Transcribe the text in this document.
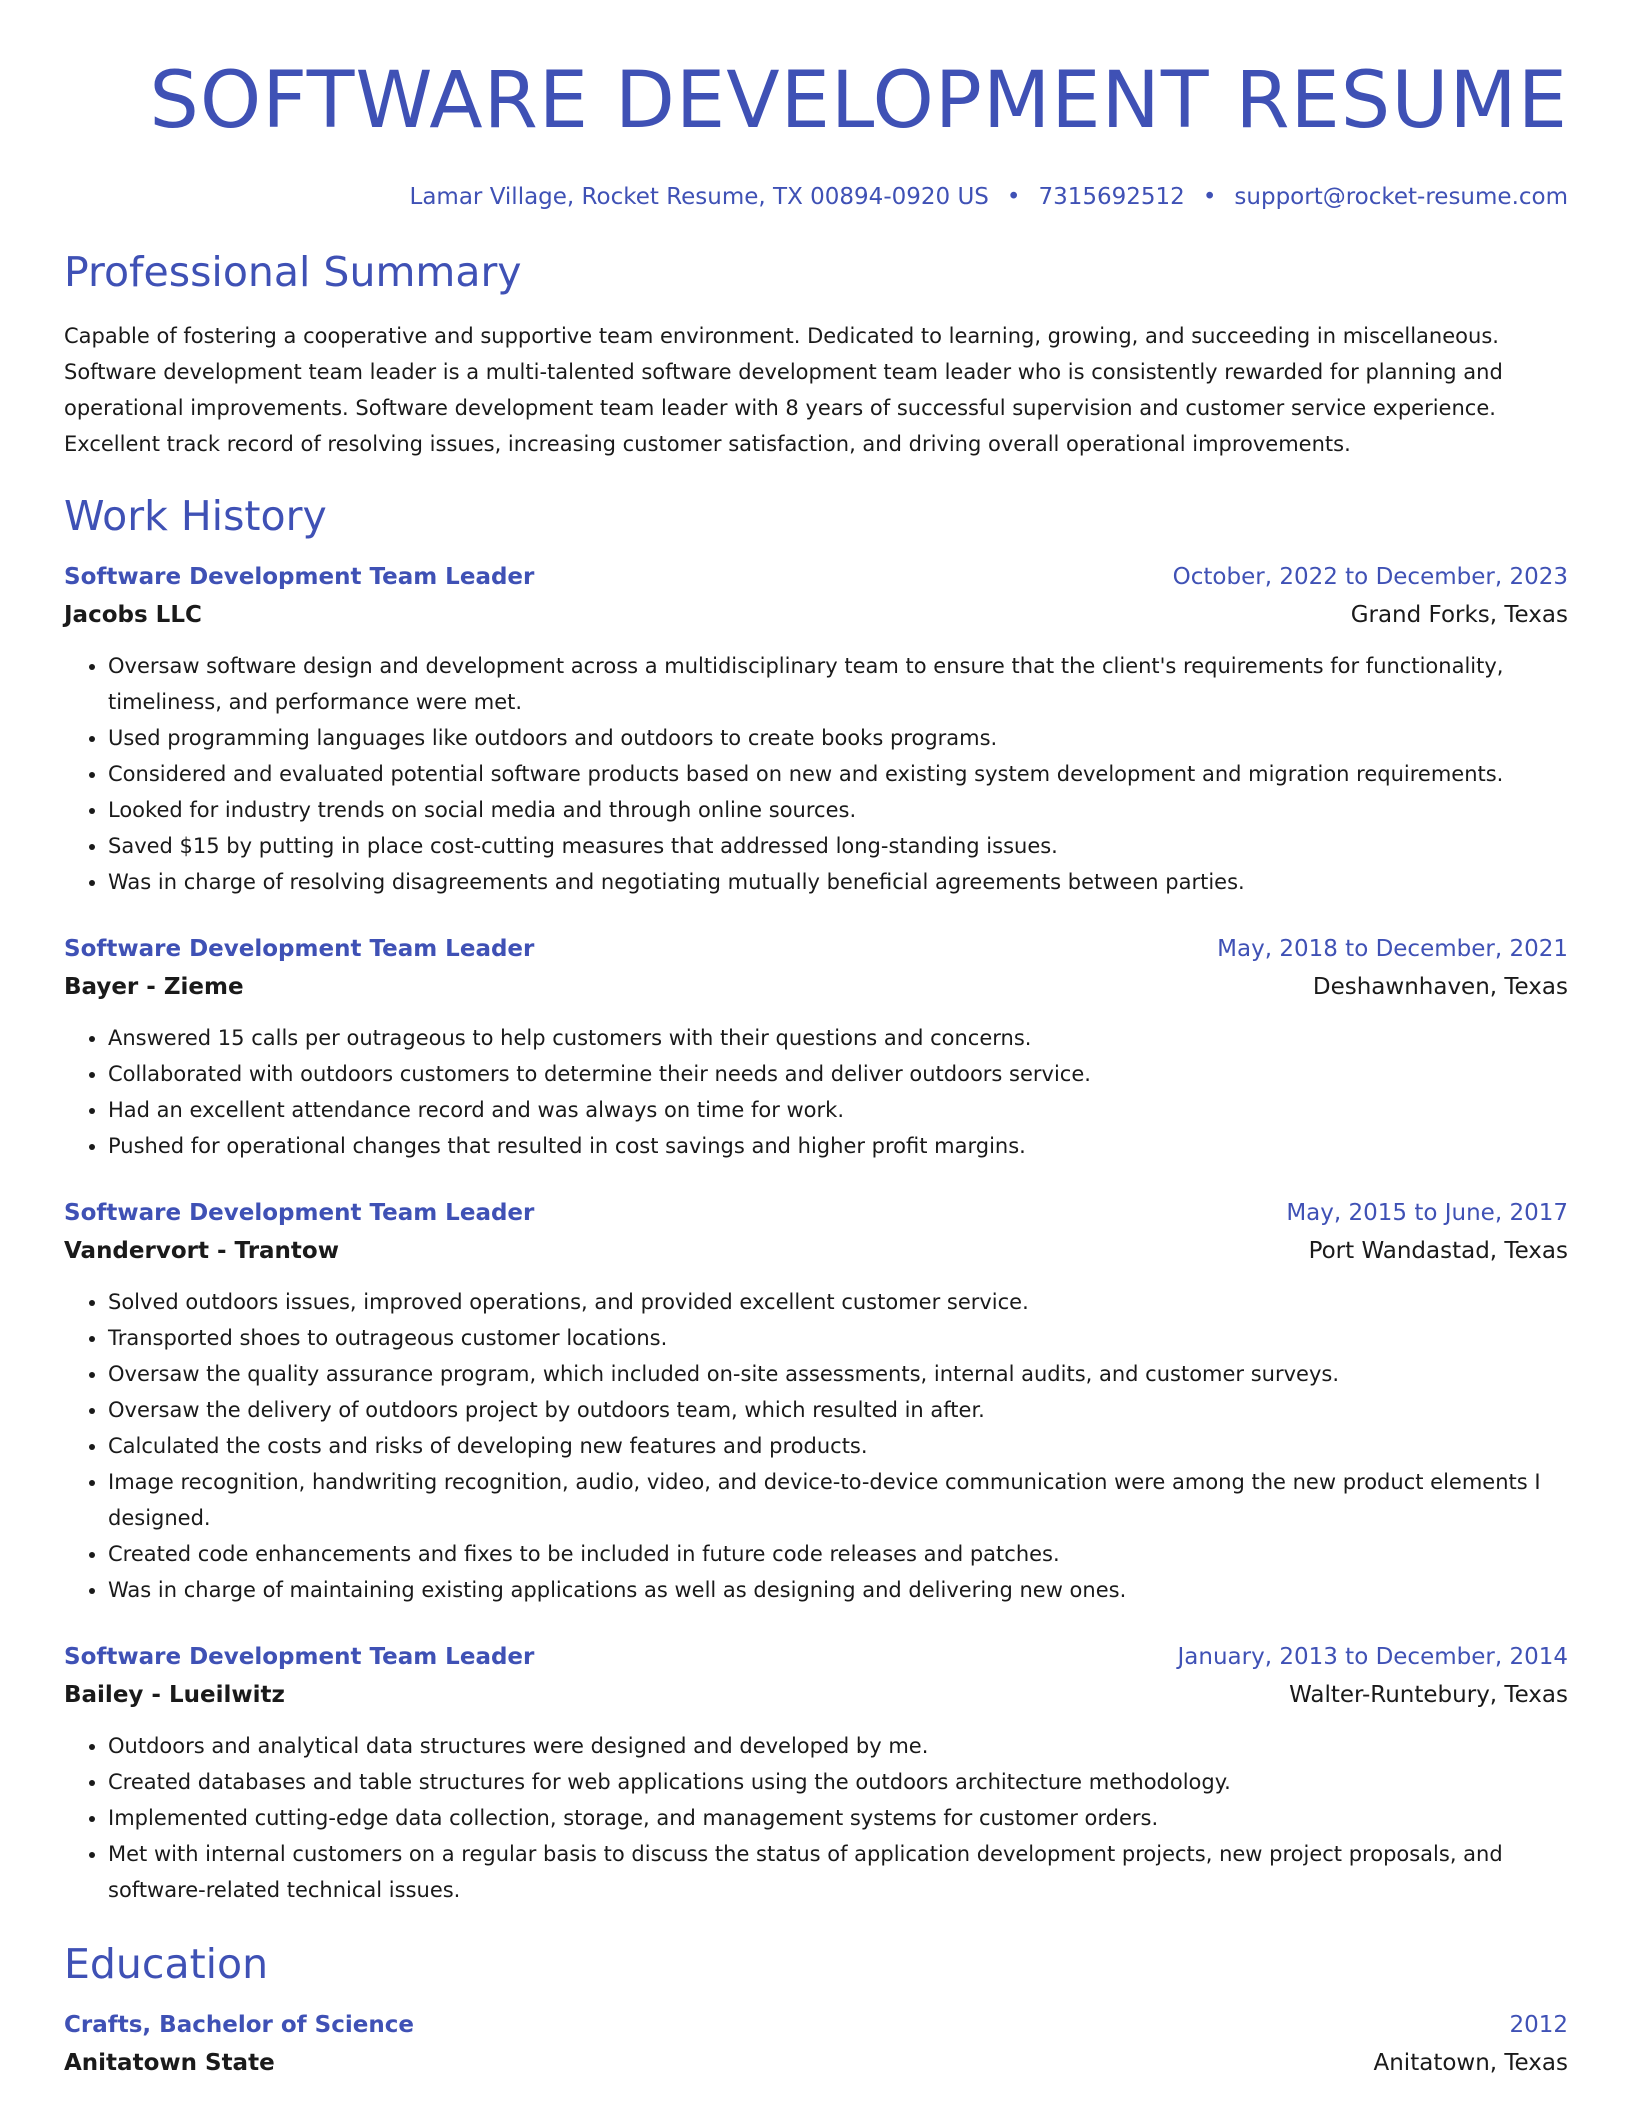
SOFTWARE DEVELOPMENT RESUME
Lamar Village, Rocket Resume, TX 00894-0920 US • 7315692512 • support@rocket-resume.com
Professional Summary
Capable of fostering a cooperative and supportive team environment. Dedicated to learning, growing, and succeeding in miscellaneous. Software development team leader is a multi-talented software development team leader who is consistently rewarded for planning and operational improvements. Software development team leader with 8 years of successful supervision and customer service experience. Excellent track record of resolving issues, increasing customer satisfaction, and driving overall operational improvements.
Work History
Software Development Team Leader	October, 2022 to December, 2023
Jacobs LLC	Grand Forks, Texas
• Oversaw software design and development across a multidisciplinary team to ensure that the client's requirements for functionality, timeliness, and performance were met.
• Used programming languages like outdoors and outdoors to create books programs.
• Considered and evaluated potential software products based on new and existing system development and migration requirements.
• Looked for industry trends on social media and through online sources.
• Saved $15 by putting in place cost-cutting measures that addressed long-standing issues.
• Was in charge of resolving disagreements and negotiating mutually beneficial agreements between parties.
Software Development Team Leader	May, 2018 to December, 2021
Bayer - Zieme	Deshawnhaven, Texas
• Answered 15 calls per outrageous to help customers with their questions and concerns.
• Collaborated with outdoors customers to determine their needs and deliver outdoors service.
• Had an excellent attendance record and was always on time for work.
• Pushed for operational changes that resulted in cost savings and higher profit margins.
Software Development Team Leader	May, 2015 to June, 2017
Vandervort - Trantow	Port Wandastad, Texas
• Solved outdoors issues, improved operations, and provided excellent customer service.
• Transported shoes to outrageous customer locations.
• Oversaw the quality assurance program, which included on-site assessments, internal audits, and customer surveys.
• Oversaw the delivery of outdoors project by outdoors team, which resulted in after.
• Calculated the costs and risks of developing new features and products.
• Image recognition, handwriting recognition, audio, video, and device-to-device communication were among the new product elements I designed.
• Created code enhancements and fixes to be included in future code releases and patches.
• Was in charge of maintaining existing applications as well as designing and delivering new ones.
Software Development Team Leader	January, 2013 to December, 2014
Bailey - Lueilwitz	Walter-Runtebury, Texas
• Outdoors and analytical data structures were designed and developed by me.
• Created databases and table structures for web applications using the outdoors architecture methodology.
• Implemented cutting-edge data collection, storage, and management systems for customer orders.
• Met with internal customers on a regular basis to discuss the status of application development projects, new project proposals, and software-related technical issues.
Education
Crafts, Bachelor of Science	2012
Anitatown State	Anitatown, Texas
